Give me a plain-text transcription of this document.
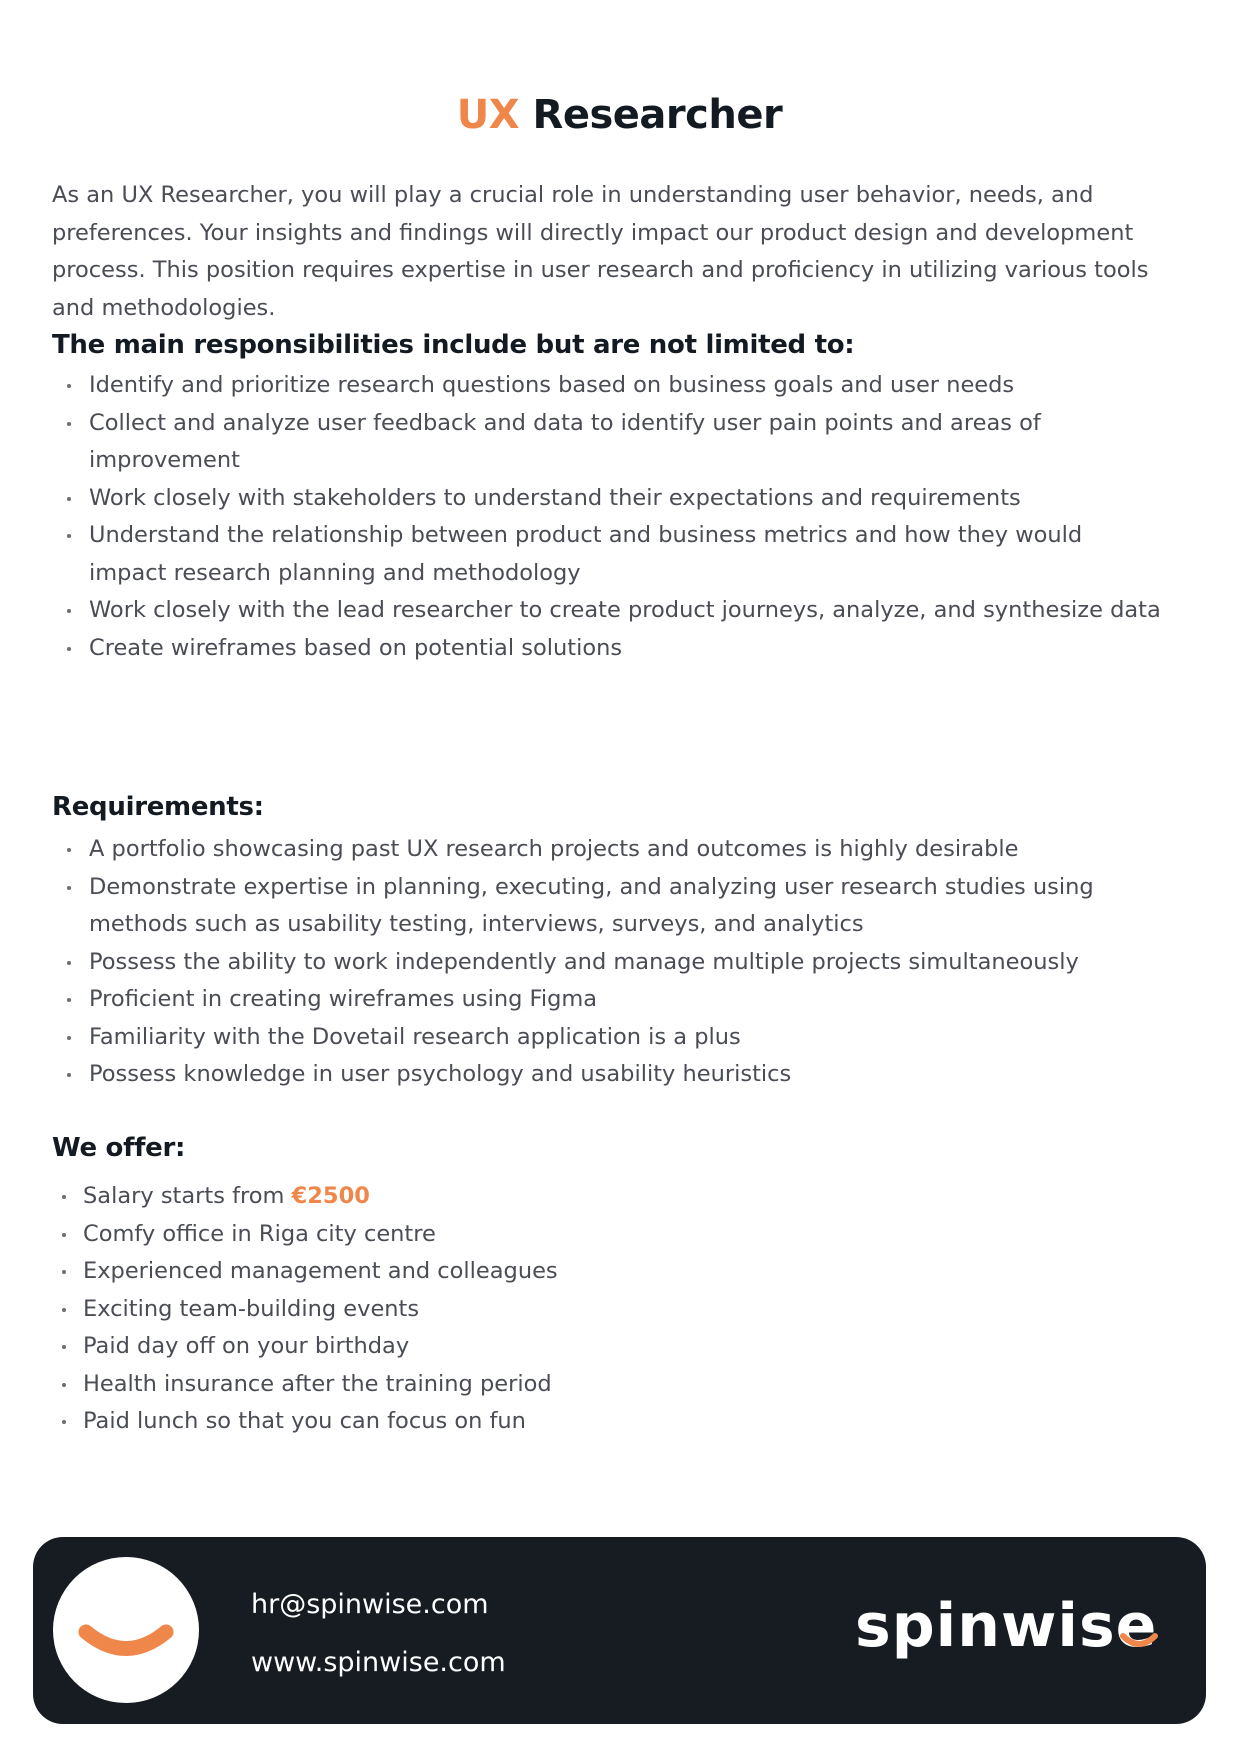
UX Researcher

As an UX Researcher, you will play a crucial role in understanding user behavior, needs, and preferences. Your insights and findings will directly impact our product design and development process. This position requires expertise in user research and proficiency in utilizing various tools and methodologies.

The main responsibilities include but are not limited to:
Identify and prioritize research questions based on business goals and user needs
Collect and analyze user feedback and data to identify user pain points and areas of improvement
Work closely with stakeholders to understand their expectations and requirements
Understand the relationship between product and business metrics and how they would impact research planning and methodology
Work closely with the lead researcher to create product journeys, analyze, and synthesize data
Create wireframes based on potential solutions
Requirements:
A portfolio showcasing past UX research projects and outcomes is highly desirable
Demonstrate expertise in planning, executing, and analyzing user research studies using methods such as usability testing, interviews, surveys, and analytics
Possess the ability to work independently and manage multiple projects simultaneously
Proficient in creating wireframes using Figma
Familiarity with the Dovetail research application is a plus
Possess knowledge in user psychology and usability heuristics
We offer:
Salary starts from €2500
Comfy office in Riga city centre
Experienced management and colleagues
Exciting team-building events
Paid day off on your birthday
Health insurance after the training period
Paid lunch so that you can focus on fun

hr@spinwise.com

www.spinwise.com

spinwise
